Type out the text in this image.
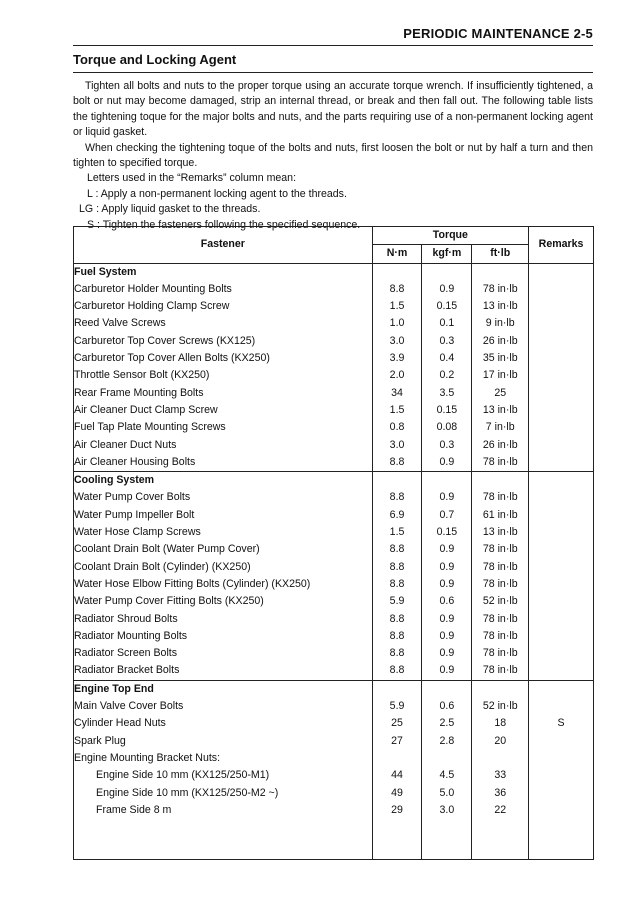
PERIODIC MAINTENANCE 2-5
Torque and Locking Agent

Tighten all bolts and nuts to the proper torque using an accurate torque wrench. If insufficiently tightened, a bolt or nut may become damaged, strip an internal thread, or break and then fall out. The following table lists the tightening toque for the major bolts and nuts, and the parts requiring use of a non-permanent locking agent or liquid gasket.

When checking the tightening toque of the bolts and nuts, first loosen the bolt or nut by half a turn and then tighten to specified torque.

Letters used in the “Remarks” column mean:

L : Apply a non-permanent locking agent to the threads.

LG : Apply liquid gasket to the threads.

S : Tighten the fasteners following the specified sequence.

Fastener	Torque			Remarks
	N·m	kgf·m	ft·lb	
Fuel System				
Carburetor Holder Mounting Bolts	8.8	0.9	78 in·lb	
Carburetor Holding Clamp Screw	1.5	0.15	13 in·lb	
Reed Valve Screws	1.0	0.1	9 in·lb	
Carburetor Top Cover Screws (KX125)	3.0	0.3	26 in·lb	
Carburetor Top Cover Allen Bolts (KX250)	3.9	0.4	35 in·lb	
Throttle Sensor Bolt (KX250)	2.0	0.2	17 in·lb	
Rear Frame Mounting Bolts	34	3.5	25	
Air Cleaner Duct Clamp Screw	1.5	0.15	13 in·lb	
Fuel Tap Plate Mounting Screws	0.8	0.08	7 in·lb	
Air Cleaner Duct Nuts	3.0	0.3	26 in·lb	
Air Cleaner Housing Bolts	8.8	0.9	78 in·lb	
Cooling System				
Water Pump Cover Bolts	8.8	0.9	78 in·lb	
Water Pump Impeller Bolt	6.9	0.7	61 in·lb	
Water Hose Clamp Screws	1.5	0.15	13 in·lb	
Coolant Drain Bolt (Water Pump Cover)	8.8	0.9	78 in·lb	
Coolant Drain Bolt (Cylinder) (KX250)	8.8	0.9	78 in·lb	
Water Hose Elbow Fitting Bolts (Cylinder) (KX250)	8.8	0.9	78 in·lb	
Water Pump Cover Fitting Bolts (KX250)	5.9	0.6	52 in·lb	
Radiator Shroud Bolts	8.8	0.9	78 in·lb	
Radiator Mounting Bolts	8.8	0.9	78 in·lb	
Radiator Screen Bolts	8.8	0.9	78 in·lb	
Radiator Bracket Bolts	8.8	0.9	78 in·lb	
Engine Top End				
Main Valve Cover Bolts	5.9	0.6	52 in·lb	
Cylinder Head Nuts	25	2.5	18	S
Spark Plug	27	2.8	20	
Engine Mounting Bracket Nuts:				
Engine Side 10 mm (KX125/250-M1)	44	4.5	33	
Engine Side 10 mm (KX125/250-M2 ~)	49	5.0	36	
Frame Side 8 m	29	3.0	22	
